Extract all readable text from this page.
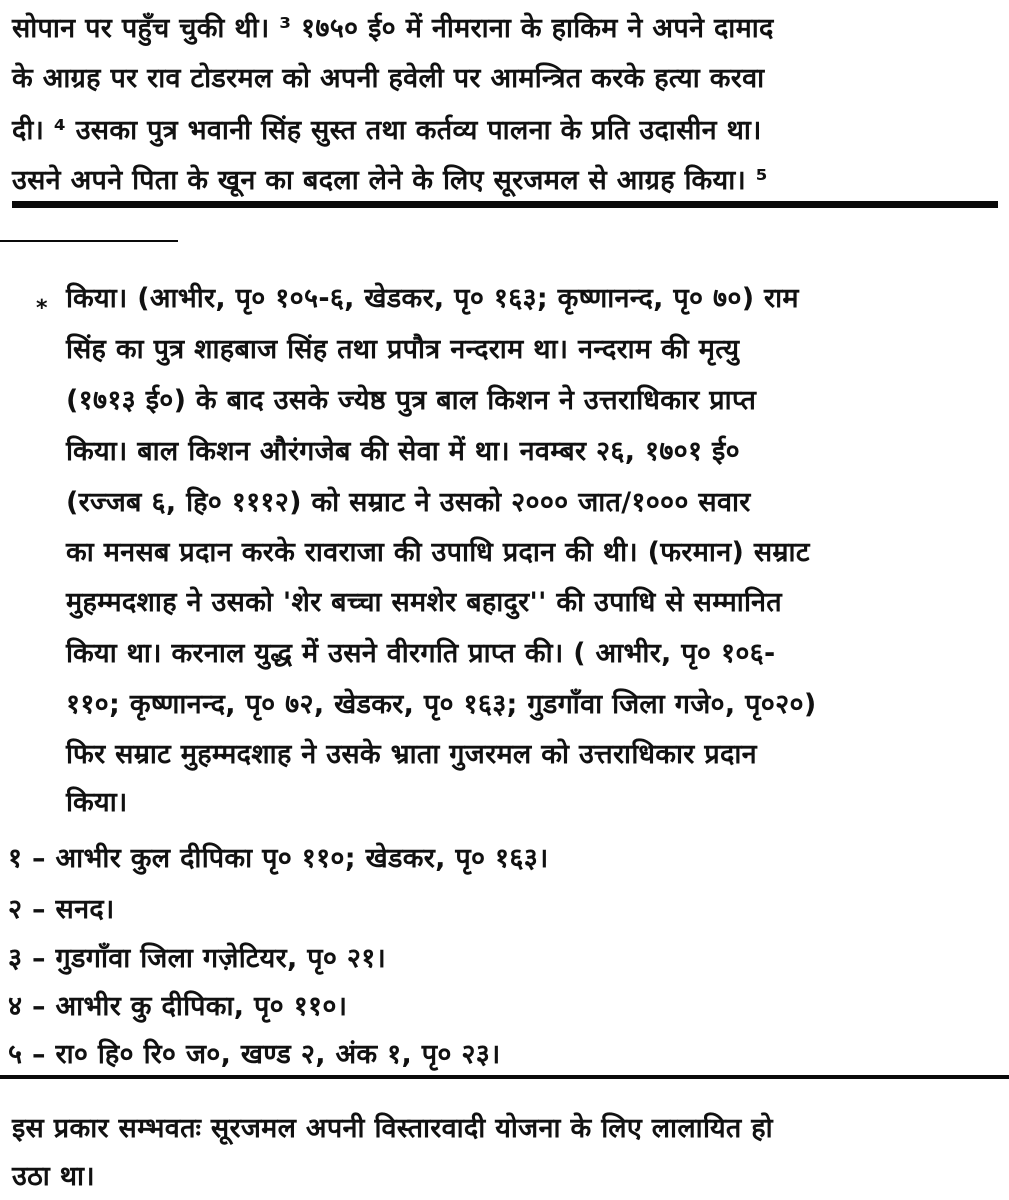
सोपान पर पहुँच चुकी थी। ³ १७५० ई० में नीमराना के हाकिम ने अपने दामाद
के आग्रह पर राव टोडरमल को अपनी हवेली पर आमन्त्रित करके हत्या करवा
दी। ⁴ उसका पुत्र भवानी सिंह सुस्त तथा कर्तव्य पालना के प्रति उदासीन था।
उसने अपने पिता के खून का बदला लेने के लिए सूरजमल से आग्रह किया। ⁵
* किया। (आभीर, पृ० १०५-६, खेडकर, पृ० १६३; कृष्णानन्द, पृ० ७०) राम
सिंह का पुत्र शाहबाज सिंह तथा प्रपौत्र नन्दराम था। नन्दराम की मृत्यु
(१७१३ ई०) के बाद उसके ज्येष्ठ पुत्र बाल किशन ने उत्तराधिकार प्राप्त
किया। बाल किशन औरंगजेब की सेवा में था। नवम्बर २६, १७०१ ई०
(रज्जब ६, हि० १११२) को सम्राट ने उसको २००० जात/१००० सवार
का मनसब प्रदान करके रावराजा की उपाधि प्रदान की थी। (फरमान) सम्राट
मुहम्मदशाह ने उसको 'शेर बच्चा समशेर बहादुर'' की उपाधि से सम्मानित
किया था। करनाल युद्ध में उसने वीरगति प्राप्त की। ( आभीर, पृ० १०६-
११०; कृष्णानन्द, पृ० ७२, खेडकर, पृ० १६३; गुडगाँवा जिला गजे०, पृ०२०)
फिर सम्राट मुहम्मदशाह ने उसके भ्राता गुजरमल को उत्तराधिकार प्रदान
किया।
१ – आभीर कुल दीपिका पृ० ११०; खेडकर, पृ० १६३।
२ – सनद।
३ – गुडगाँवा जिला गज़ेटियर, पृ० २१।
४ – आभीर कु दीपिका, पृ० ११०।
५ – रा० हि० रि० ज०, खण्ड २, अंक १, पृ० २३।
इस प्रकार सम्भवतः सूरजमल अपनी विस्तारवादी योजना के लिए लालायित हो
उठा था।
